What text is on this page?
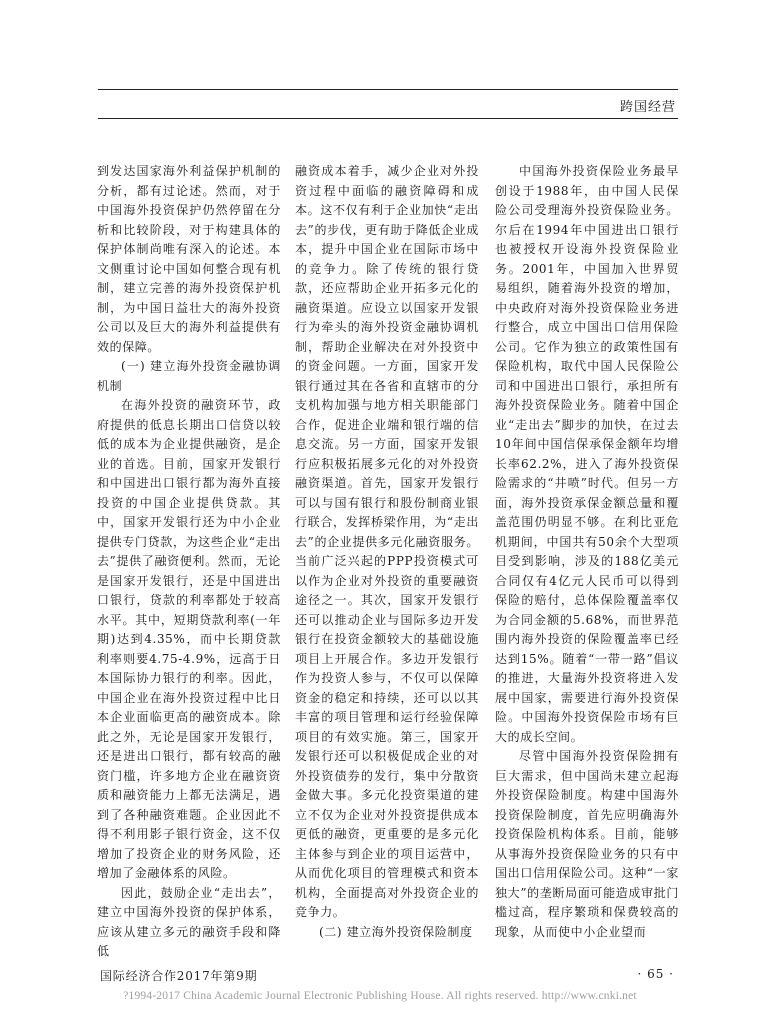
跨国经营

到发达国家海外利益保护机制的分析，都有过论述。然而，对于中国海外投资保护仍然停留在分析和比较阶段，对于构建具体的保护体制尚唯有深入的论述。本文侧重讨论中国如何整合现有机制，建立完善的海外投资保护机制，为中国日益壮大的海外投资公司以及巨大的海外利益提供有效的保障。

(一) 建立海外投资金融协调机制

在海外投资的融资环节，政府提供的低息长期出口信贷以较低的成本为企业提供融资，是企业的首选。目前，国家开发银行和中国进出口银行都为海外直接投资的中国企业提供贷款。其中，国家开发银行还为中小企业提供专门贷款，为这些企业“走出去”提供了融资便利。然而，无论是国家开发银行，还是中国进出口银行，贷款的利率都处于较高水平。其中，短期贷款利率(一年期)达到4.35%，而中长期贷款利率则要4.75-4.9%，远高于日本国际协力银行的利率。因此，中国企业在海外投资过程中比日本企业面临更高的融资成本。除此之外，无论是国家开发银行，还是进出口银行，都有较高的融资门槛，许多地方企业在融资资质和融资能力上都无法满足，遇到了各种融资难题。企业因此不得不利用影子银行资金，这不仅增加了投资企业的财务风险，还增加了金融体系的风险。

因此，鼓励企业“走出去”，建立中国海外投资的保护体系，应该从建立多元的融资手段和降低

融资成本着手，减少企业对外投资过程中面临的融资障碍和成本。这不仅有利于企业加快“走出去”的步伐，更有助于降低企业成本，提升中国企业在国际市场中的竞争力。除了传统的银行贷款，还应帮助企业开拓多元化的融资渠道。应设立以国家开发银行为牵头的海外投资金融协调机制，帮助企业解决在对外投资中的资金问题。一方面，国家开发银行通过其在各省和直辖市的分支机构加强与地方相关职能部门合作，促进企业端和银行端的信息交流。另一方面，国家开发银行应积极拓展多元化的对外投资融资渠道。首先，国家开发银行可以与国有银行和股份制商业银行联合，发挥桥梁作用，为“走出去”的企业提供多元化融资服务。当前广泛兴起的PPP投资模式可以作为企业对外投资的重要融资途径之一。其次，国家开发银行还可以推动企业与国际多边开发银行在投资金额较大的基础设施项目上开展合作。多边开发银行作为投资人参与，不仅可以保障资金的稳定和持续，还可以以其丰富的项目管理和运行经验保障项目的有效实施。第三，国家开发银行还可以积极促成企业的对外投资债券的发行，集中分散资金做大事。多元化投资渠道的建立不仅为企业对外投资提供成本更低的融资，更重要的是多元化主体参与到企业的项目运营中，从而优化项目的管理模式和资本机构，全面提高对外投资企业的竞争力。

(二) 建立海外投资保险制度

中国海外投资保险业务最早创设于1988年，由中国人民保险公司受理海外投资保险业务。尔后在1994年中国进出口银行也被授权开设海外投资保险业务。2001年，中国加入世界贸易组织，随着海外投资的增加，中央政府对海外投资保险业务进行整合，成立中国出口信用保险公司。它作为独立的政策性国有保险机构，取代中国人民保险公司和中国进出口银行，承担所有海外投资保险业务。随着中国企业“走出去”脚步的加快，在过去10年间中国信保承保金额年均增长率62.2%，进入了海外投资保险需求的“井喷”时代。但另一方面，海外投资承保金额总量和覆盖范围仍明显不够。在利比亚危机期间，中国共有50余个大型项目受到影响，涉及的188亿美元合同仅有4亿元人民币可以得到保险的赔付，总体保险覆盖率仅为合同金额的5.68%，而世界范围内海外投资的保险覆盖率已经达到15%。随着“一带一路”倡议的推进，大量海外投资将进入发展中国家，需要进行海外投资保险。中国海外投资保险市场有巨大的成长空间。

尽管中国海外投资保险拥有巨大需求，但中国尚未建立起海外投资保险制度。构建中国海外投资保险制度，首先应明确海外投资保险机构体系。目前，能够从事海外投资保险业务的只有中国出口信用保险公司。这种“一家独大”的垄断局面可能造成审批门槛过高，程序繁琐和保费较高的现象，从而使中小企业望而

国际经济合作2017年第9期	· 65 ·
?1994-2017 China Academic Journal Electronic Publishing House. All rights reserved. http://www.cnki.net
